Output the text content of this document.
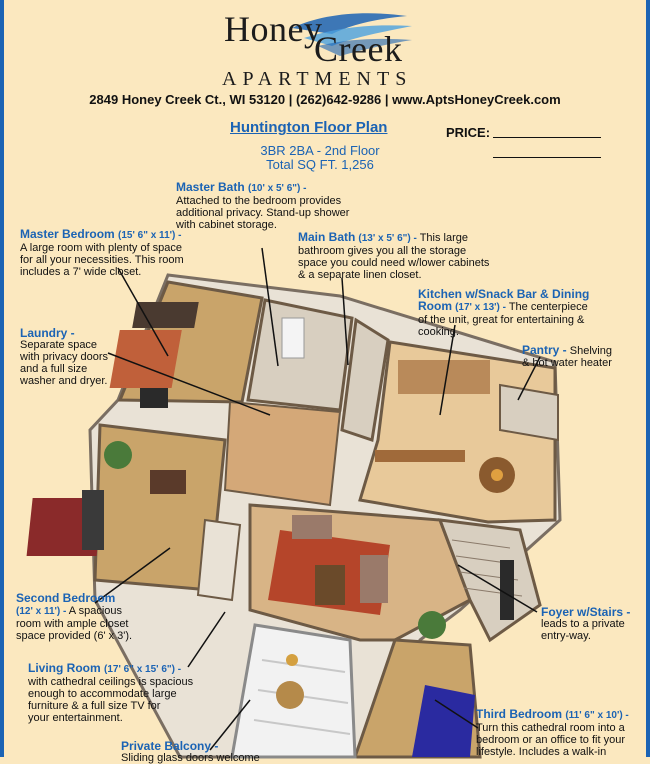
Honey
Creek
APARTMENTS
2849 Honey Creek Ct., WI 53120 | (262)642-9286 | www.AptsHoneyCreek.com
Huntington Floor Plan
3BR 2BA - 2nd Floor
Total SQ FT. 1,256
PRICE:
Master Bath (10' x 5' 6") -
Attached to the bedroom provides
additional privacy. Stand-up shower
with cabinet storage.
Master Bedroom (15' 6" x 11') -
A large room with plenty of space
for all your necessities. This room
includes a 7' wide closet.
Main Bath (13' x 5' 6") - This large
bathroom gives you all the storage
space you could need w/lower cabinets
& a separate linen closet.
Kitchen w/Snack Bar & Dining
Room (17' x 13') - The centerpiece
of the unit, great for entertaining &
cooking.
Laundry -
Separate space
with privacy doors
and a full size
washer and dryer.
Pantry - Shelving
& hot water heater
Second Bedroom
(12' x 11') - A spacious
room with ample closet
space provided (6' x 3').
Foyer w/Stairs -
leads to a private
entry-way.
Living Room (17' 6" x 15' 6") -
with cathedral ceilings is spacious
enough to accommodate large
furniture & a full size TV for
your entertainment.	Third Bedroom (11' 6" x 10') -
Turn this cathedral room into a
bedroom or an office to fit your
lifestyle. Includes a walk-in
Private Balcony -
Sliding glass doors welcome
